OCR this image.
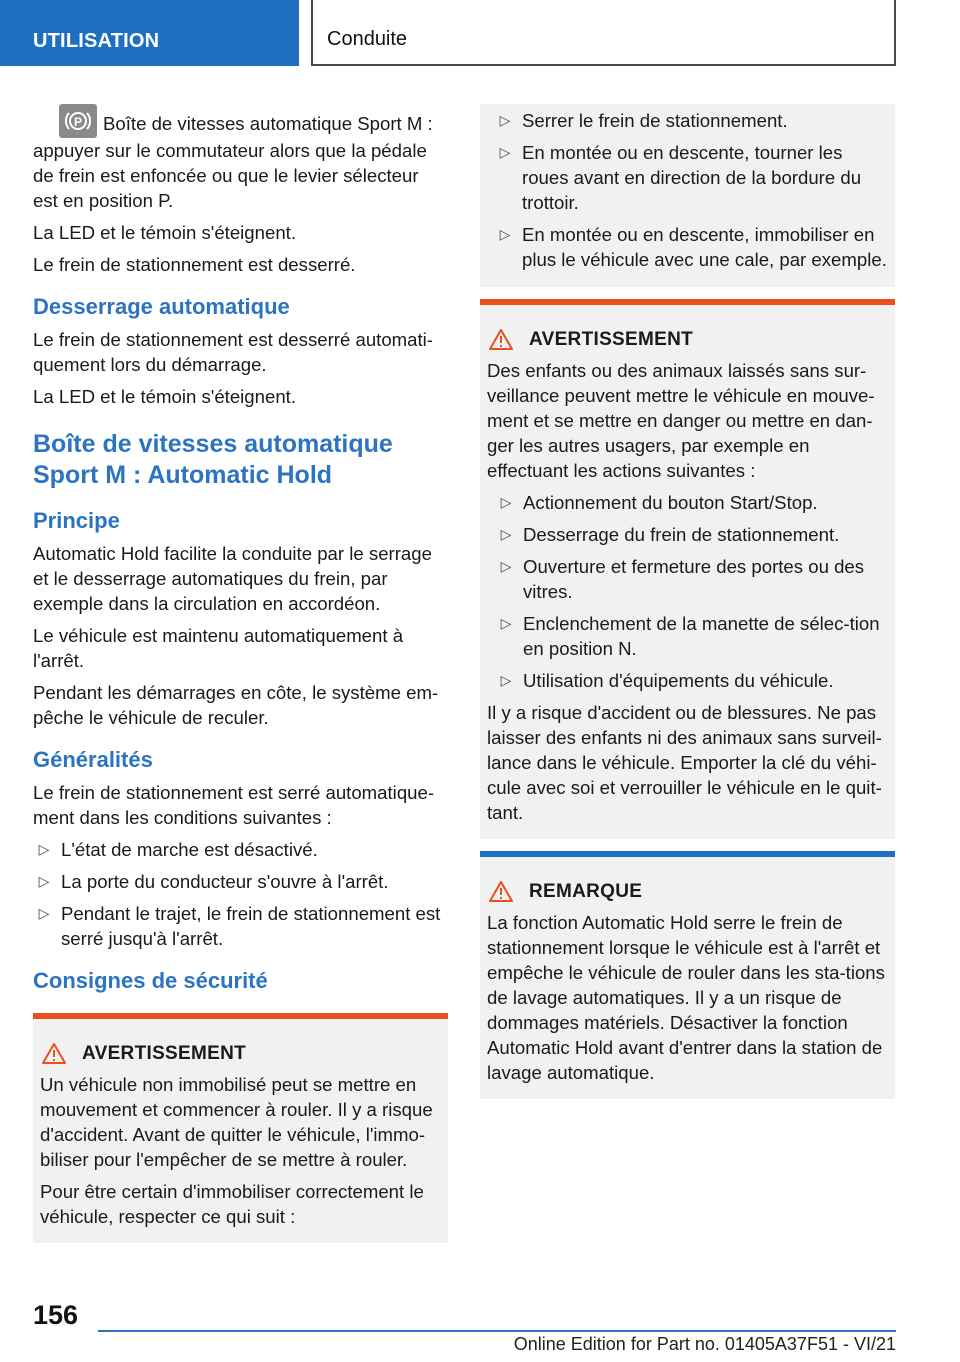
UTILISATION	Conduite

P Boîte de vitesses automatique Sport M : appuyer sur le commutateur alors que la pédale de frein est enfoncée ou que le levier sélecteur est en position P.

La LED et le témoin s'éteignent.

Le frein de stationnement est desserré.

Desserrage automatique

Le frein de stationnement est desserré automati-quement lors du démarrage.

La LED et le témoin s'éteignent.

Boîte de vitesses automatique Sport M : Automatic Hold
Principe

Automatic Hold facilite la conduite par le serrage et le desserrage automatiques du frein, par exemple dans la circulation en accordéon.

Le véhicule est maintenu automatiquement à l'arrêt.

Pendant les démarrages en côte, le système em-pêche le véhicule de reculer.

Généralités

Le frein de stationnement est serré automatique-ment dans les conditions suivantes :

▷ L'état de marche est désactivé.
▷ La porte du conducteur s'ouvre à l'arrêt.
▷ Pendant le trajet, le frein de stationnement est serré jusqu'à l'arrêt.
Consignes de sécurité
AVERTISSEMENT

Un véhicule non immobilisé peut se mettre en mouvement et commencer à rouler. Il y a risque d'accident. Avant de quitter le véhicule, l'immo-biliser pour l'empêcher de se mettre à rouler.

Pour être certain d'immobiliser correctement le véhicule, respecter ce qui suit :

▷ Serrer le frein de stationnement.
▷ En montée ou en descente, tourner les roues avant en direction de la bordure du trottoir.
▷ En montée ou en descente, immobiliser en plus le véhicule avec une cale, par exemple.
AVERTISSEMENT

Des enfants ou des animaux laissés sans sur-veillance peuvent mettre le véhicule en mouve-ment et se mettre en danger ou mettre en dan-ger les autres usagers, par exemple en effectuant les actions suivantes :

▷ Actionnement du bouton Start/Stop.
▷ Desserrage du frein de stationnement.
▷ Ouverture et fermeture des portes ou des vitres.
▷ Enclenchement de la manette de sélec-tion en position N.
▷ Utilisation d'équipements du véhicule.

Il y a risque d'accident ou de blessures. Ne pas laisser des enfants ni des animaux sans surveil-lance dans le véhicule. Emporter la clé du véhi-cule avec soi et verrouiller le véhicule en le quit-tant.

REMARQUE

La fonction Automatic Hold serre le frein de stationnement lorsque le véhicule est à l'arrêt et empêche le véhicule de rouler dans les sta-tions de lavage automatiques. Il y a un risque de dommages matériels. Désactiver la fonction Automatic Hold avant d'entrer dans la station de lavage automatique.

156
Online Edition for Part no. 01405A37F51 - VI/21
